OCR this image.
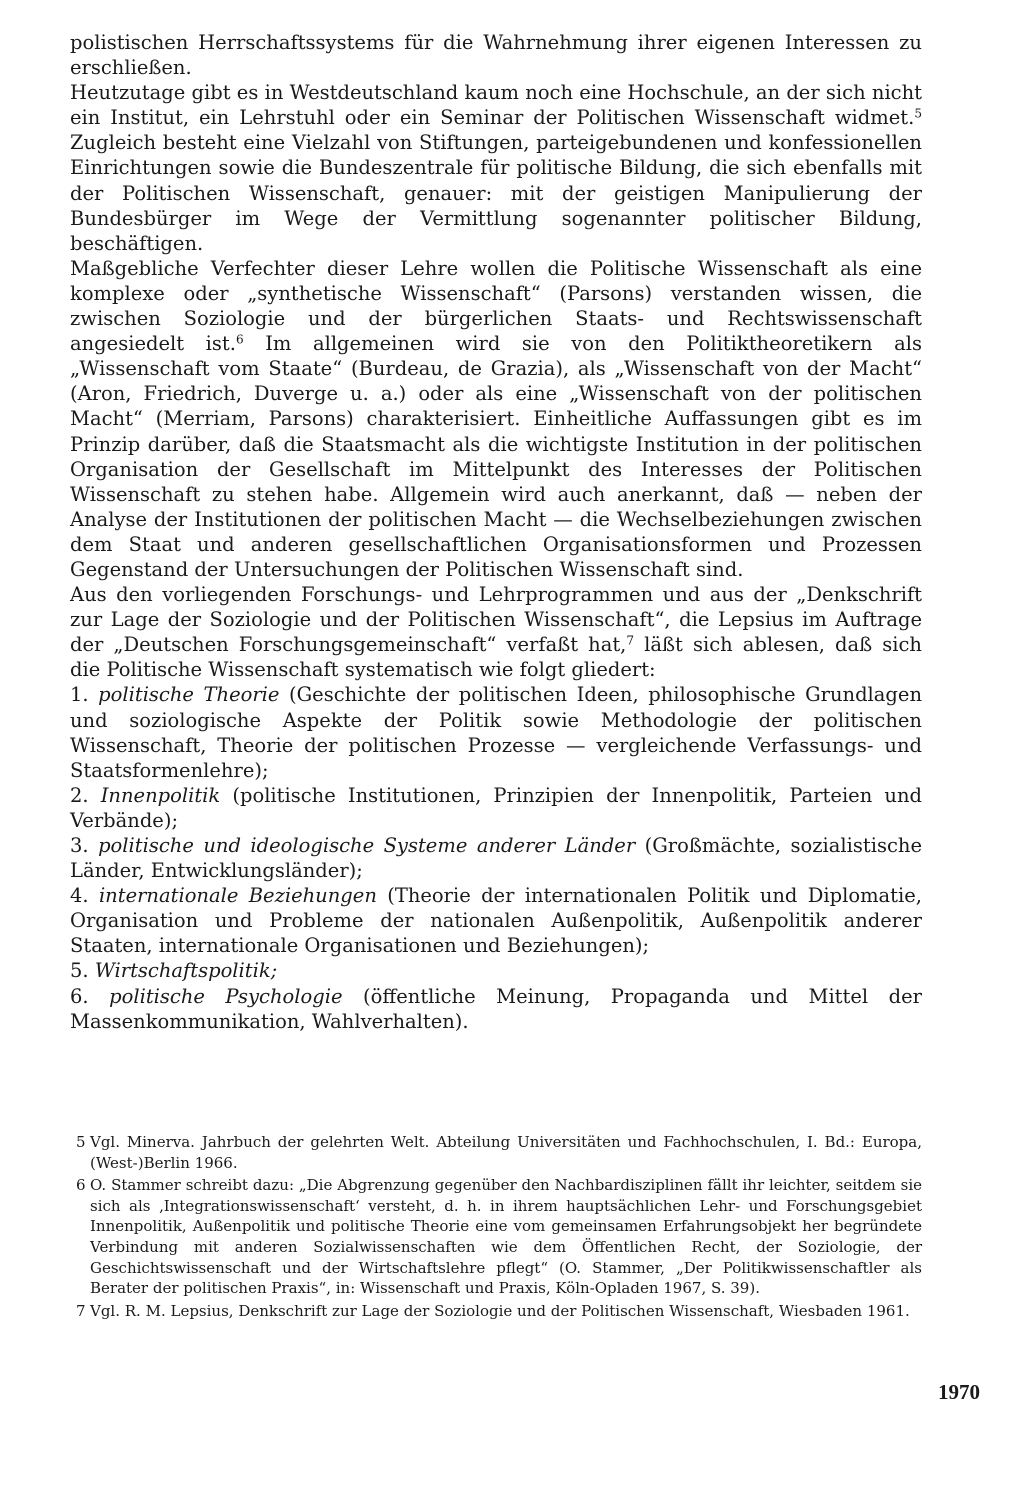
polistischen Herrschaftssystems für die Wahrnehmung ihrer eigenen Interessen zu erschließen.

Heutzutage gibt es in Westdeutschland kaum noch eine Hochschule, an der sich nicht ein Institut, ein Lehrstuhl oder ein Seminar der Politischen Wissenschaft widmet.$^5$ Zugleich besteht eine Vielzahl von Stiftungen, parteigebundenen und konfessionellen Einrichtungen sowie die Bundeszentrale für politische Bildung, die sich ebenfalls mit der Politischen Wissenschaft, genauer: mit der geistigen Manipulierung der Bundesbürger im Wege der Vermittlung sogenannter politischer Bildung, beschäftigen.

Maßgebliche Verfechter dieser Lehre wollen die Politische Wissenschaft als eine komplexe oder „synthetische Wissenschaft“ (Parsons) verstanden wissen, die zwischen Soziologie und der bürgerlichen Staats- und Rechtswissenschaft angesiedelt ist.$^6$ Im allgemeinen wird sie von den Politiktheoretikern als „Wissenschaft vom Staate“ (Burdeau, de Grazia), als „Wissenschaft von der Macht“ (Aron, Friedrich, Duverge u. a.) oder als eine „Wissenschaft von der politischen Macht“ (Merriam, Parsons) charakterisiert. Einheitliche Auffassungen gibt es im Prinzip darüber, daß die Staatsmacht als die wichtigste Institution in der politischen Organisation der Gesellschaft im Mittelpunkt des Interesses der Politischen Wissenschaft zu stehen habe. Allgemein wird auch anerkannt, daß — neben der Analyse der Institutionen der politischen Macht — die Wechselbeziehungen zwischen dem Staat und anderen gesellschaftlichen Organisationsformen und Prozessen Gegenstand der Untersuchungen der Politischen Wissenschaft sind.

Aus den vorliegenden Forschungs- und Lehrprogrammen und aus der „Denkschrift zur Lage der Soziologie und der Politischen Wissenschaft“, die Lepsius im Auftrage der „Deutschen Forschungsgemeinschaft“ verfaßt hat,$^7$ läßt sich ablesen, daß sich die Politische Wissenschaft systematisch wie folgt gliedert:

1. politische Theorie (Geschichte der politischen Ideen, philosophische Grundlagen und soziologische Aspekte der Politik sowie Methodologie der politischen Wissenschaft, Theorie der politischen Prozesse — vergleichende Verfassungs- und Staatsformenlehre);

2. Innenpolitik (politische Institutionen, Prinzipien der Innenpolitik, Parteien und Verbände);

3. politische und ideologische Systeme anderer Länder (Großmächte, sozialistische Länder, Entwicklungsländer);

4. internationale Beziehungen (Theorie der internationalen Politik und Diplomatie, Organisation und Probleme der nationalen Außenpolitik, Außenpolitik anderer Staaten, internationale Organisationen und Beziehungen);

5. Wirtschaftspolitik;

6. politische Psychologie (öffentliche Meinung, Propaganda und Mittel der Massenkommunikation, Wahlverhalten).

5 Vgl. Minerva. Jahrbuch der gelehrten Welt. Abteilung Universitäten und Fachhochschulen, I. Bd.: Europa, (West-)Berlin 1966.

6 O. Stammer schreibt dazu: „Die Abgrenzung gegenüber den Nachbardisziplinen fällt ihr leichter, seitdem sie sich als ‚Integrationswissenschaft‘ versteht, d. h. in ihrem hauptsächlichen Lehr- und Forschungsgebiet Innenpolitik, Außenpolitik und politische Theorie eine vom gemeinsamen Erfahrungsobjekt her begründete Verbindung mit anderen Sozialwissenschaften wie dem Öffentlichen Recht, der Soziologie, der Geschichtswissenschaft und der Wirtschaftslehre pflegt“ (O. Stammer, „Der Politikwissenschaftler als Berater der politischen Praxis“, in: Wissenschaft und Praxis, Köln-Opladen 1967, S. 39).

7 Vgl. R. M. Lepsius, Denkschrift zur Lage der Soziologie und der Politischen Wissenschaft, Wiesbaden 1961.

1970
